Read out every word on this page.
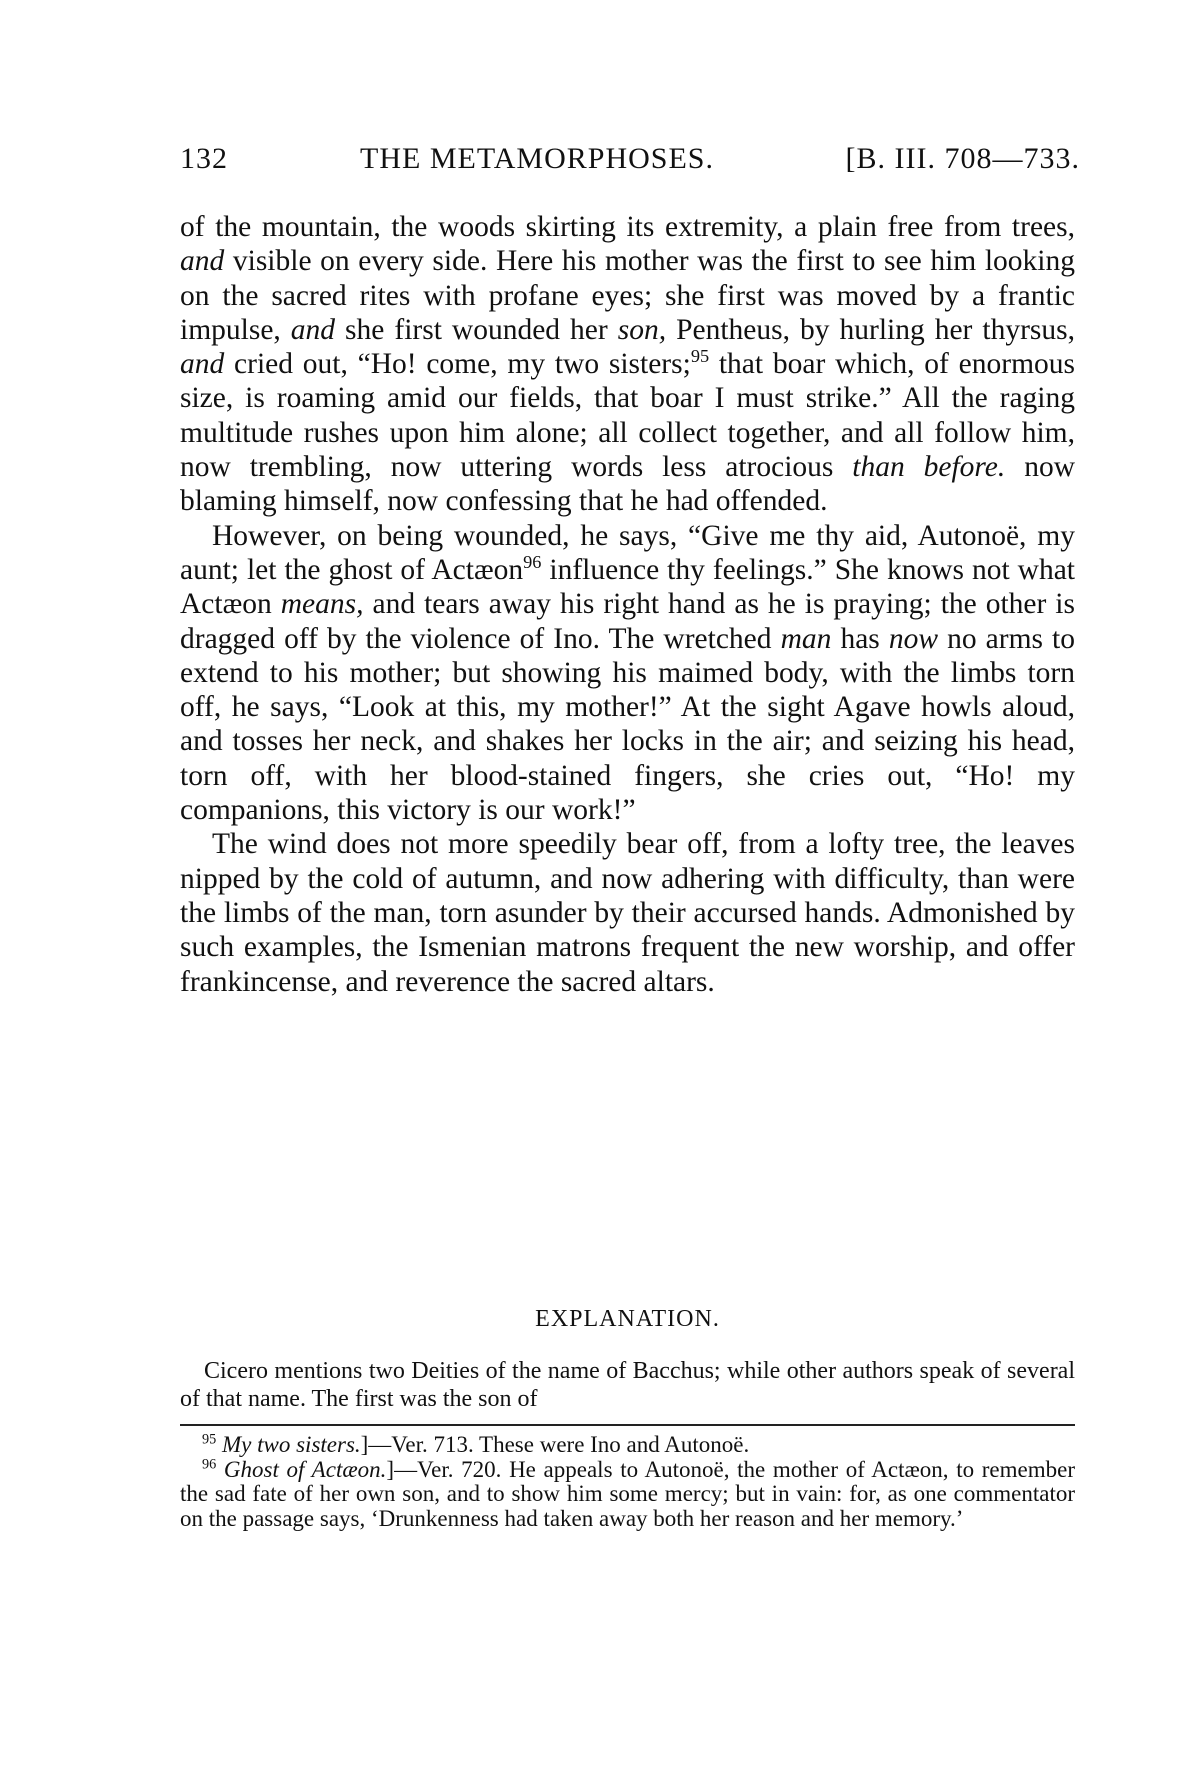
132	THE METAMORPHOSES.	[B. III. 708—733.

of the mountain, the woods skirting its extremity, a plain free from trees, and visible on every side. Here his mother was the first to see him looking on the sacred rites with profane eyes; she first was moved by a frantic impulse, and she first wounded her son, Pentheus, by hurling her thyrsus, and cried out, “Ho! come, my two sisters;$^{95}$ that boar which, of enormous size, is roaming amid our fields, that boar I must strike.” All the raging multitude rushes upon him alone; all collect together, and all follow him, now trembling, now uttering words less atrocious than before. now blaming himself, now confessing that he had offended.

However, on being wounded, he says, “Give me thy aid, Autonoë, my aunt; let the ghost of Actæon$^{96}$ influence thy feelings.” She knows not what Actæon means, and tears away his right hand as he is praying; the other is dragged off by the violence of Ino. The wretched man has now no arms to extend to his mother; but showing his maimed body, with the limbs torn off, he says, “Look at this, my mother!” At the sight Agave howls aloud, and tosses her neck, and shakes her locks in the air; and seizing his head, torn off, with her blood-stained fingers, she cries out, “Ho! my companions, this victory is our work!”

The wind does not more speedily bear off, from a lofty tree, the leaves nipped by the cold of autumn, and now adhering with difficulty, than were the limbs of the man, torn asunder by their accursed hands. Admonished by such examples, the Ismenian matrons frequent the new worship, and offer frankincense, and reverence the sacred altars.

EXPLANATION.
Cicero mentions two Deities of the name of Bacchus; while other authors speak of several of that name. The first was the son of

$^{95}$ My two sisters.]—Ver. 713. These were Ino and Autonoë.

$^{96}$ Ghost of Actæon.]—Ver. 720. He appeals to Autonoë, the mother of Actæon, to remember the sad fate of her own son, and to show him some mercy; but in vain: for, as one commentator on the passage says, ‘Drunkenness had taken away both her reason and her memory.’
